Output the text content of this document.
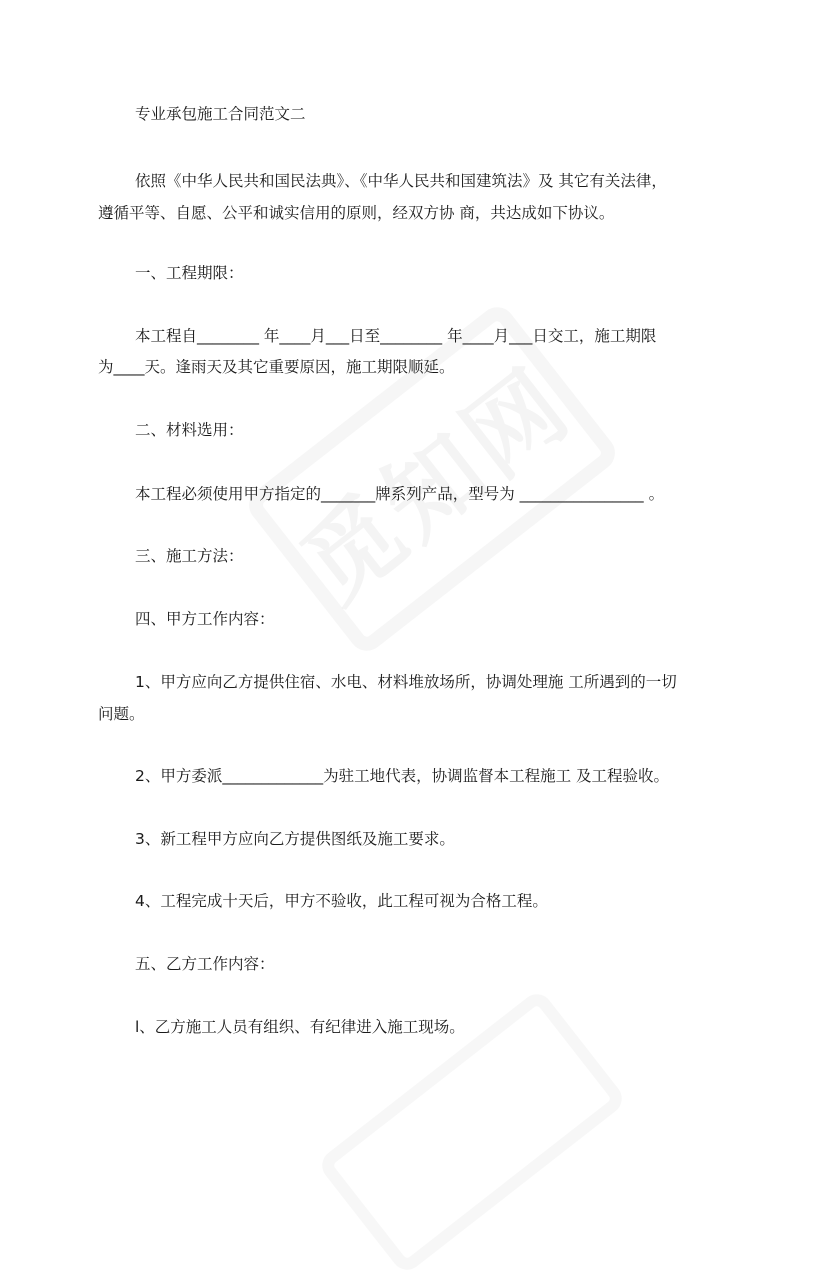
专业承包施工合同范文二
依照《中华人民共和国民法典》、《中华人民共和国建筑法》及 其它有关法律，
遵循平等、自愿、公平和诚实信用的原则，经双方协 商，共达成如下协议。
一、工程期限：
本工程自________ 年____月___日至________ 年____月___日交工，施工期限
为____天。逢雨天及其它重要原因，施工期限顺延。
二、材料选用：
本工程必须使用甲方指定的_______牌系列产品，型号为 ________________ 。
三、施工方法：
四、甲方工作内容：
1、甲方应向乙方提供住宿、水电、材料堆放场所，协调处理施 工所遇到的一切
问题。
2、甲方委派_____________为驻工地代表，协调监督本工程施工 及工程验收。
3、新工程甲方应向乙方提供图纸及施工要求。
4、工程完成十天后，甲方不验收，此工程可视为合格工程。
五、乙方工作内容：
l、乙方施工人员有组织、有纪律进入施工现场。
